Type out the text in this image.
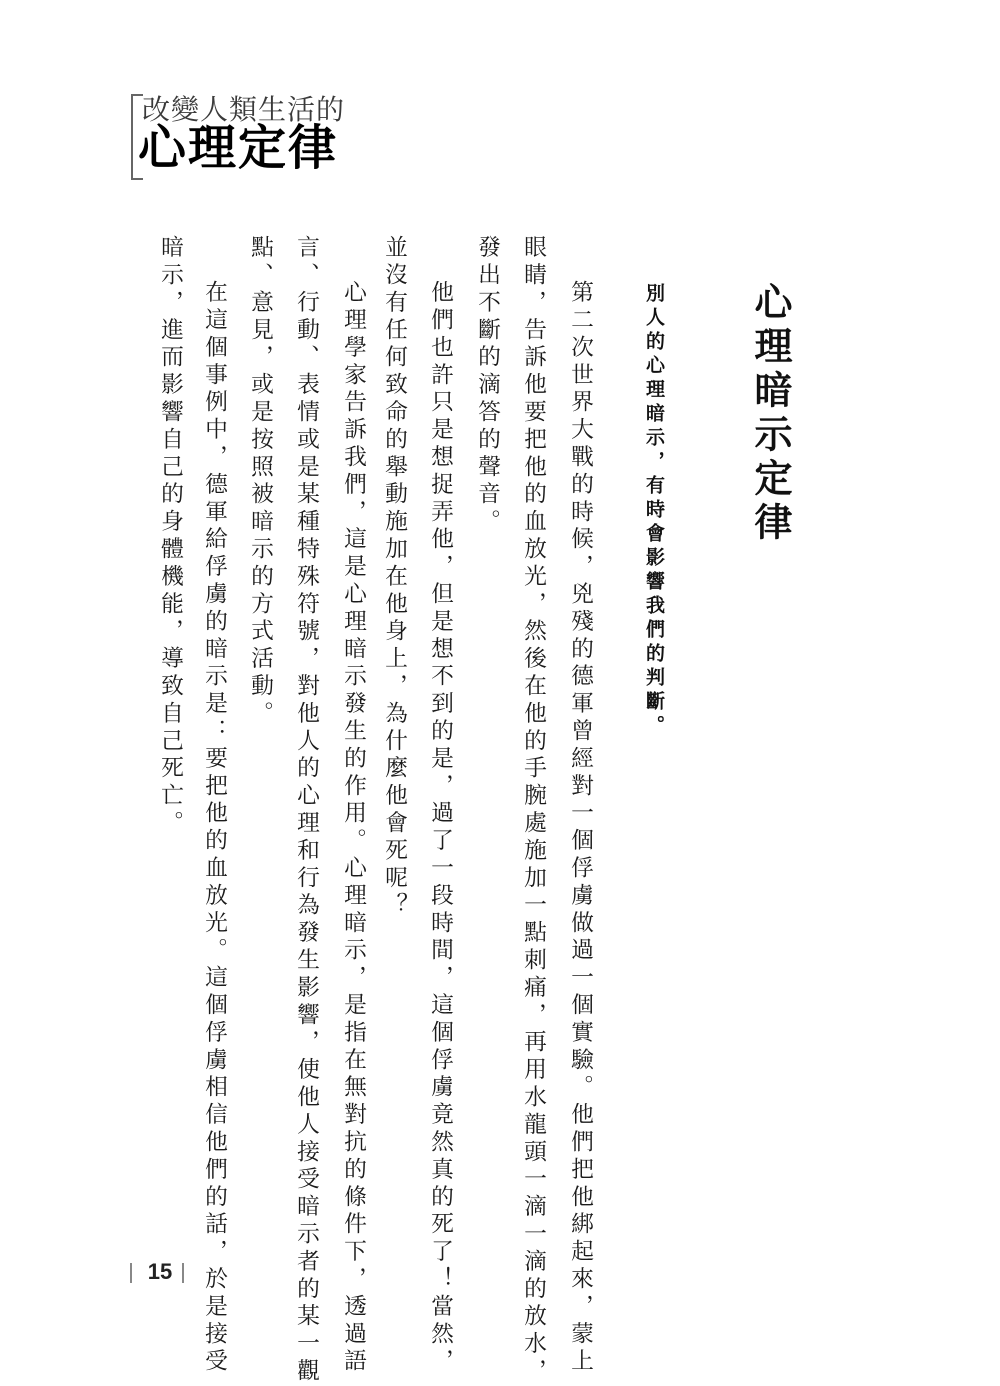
改變人類生活的
心理定律
心理暗示定律
別人的心理暗示，有時會影響我們的判斷。
第二次世界大戰的時候，兇殘的德軍曾經對一個俘虜做過一個實驗。他們把他綁起來，蒙上
眼睛，告訴他要把他的血放光，然後在他的手腕處施加一點刺痛，再用水龍頭一滴一滴的放水，
發出不斷的滴答的聲音。
他們也許只是想捉弄他，但是想不到的是，過了一段時間，這個俘虜竟然真的死了！當然，
並沒有任何致命的舉動施加在他身上，為什麼他會死呢？
心理學家告訴我們，這是心理暗示發生的作用。心理暗示，是指在無對抗的條件下，透過語
言、行動、表情或是某種特殊符號，對他人的心理和行為發生影響，使他人接受暗示者的某一觀
點、意見，或是按照被暗示的方式活動。
在這個事例中，德軍給俘虜的暗示是：要把他的血放光。這個俘虜相信他們的話，於是接受
暗示，進而影響自己的身體機能，導致自己死亡。
15
